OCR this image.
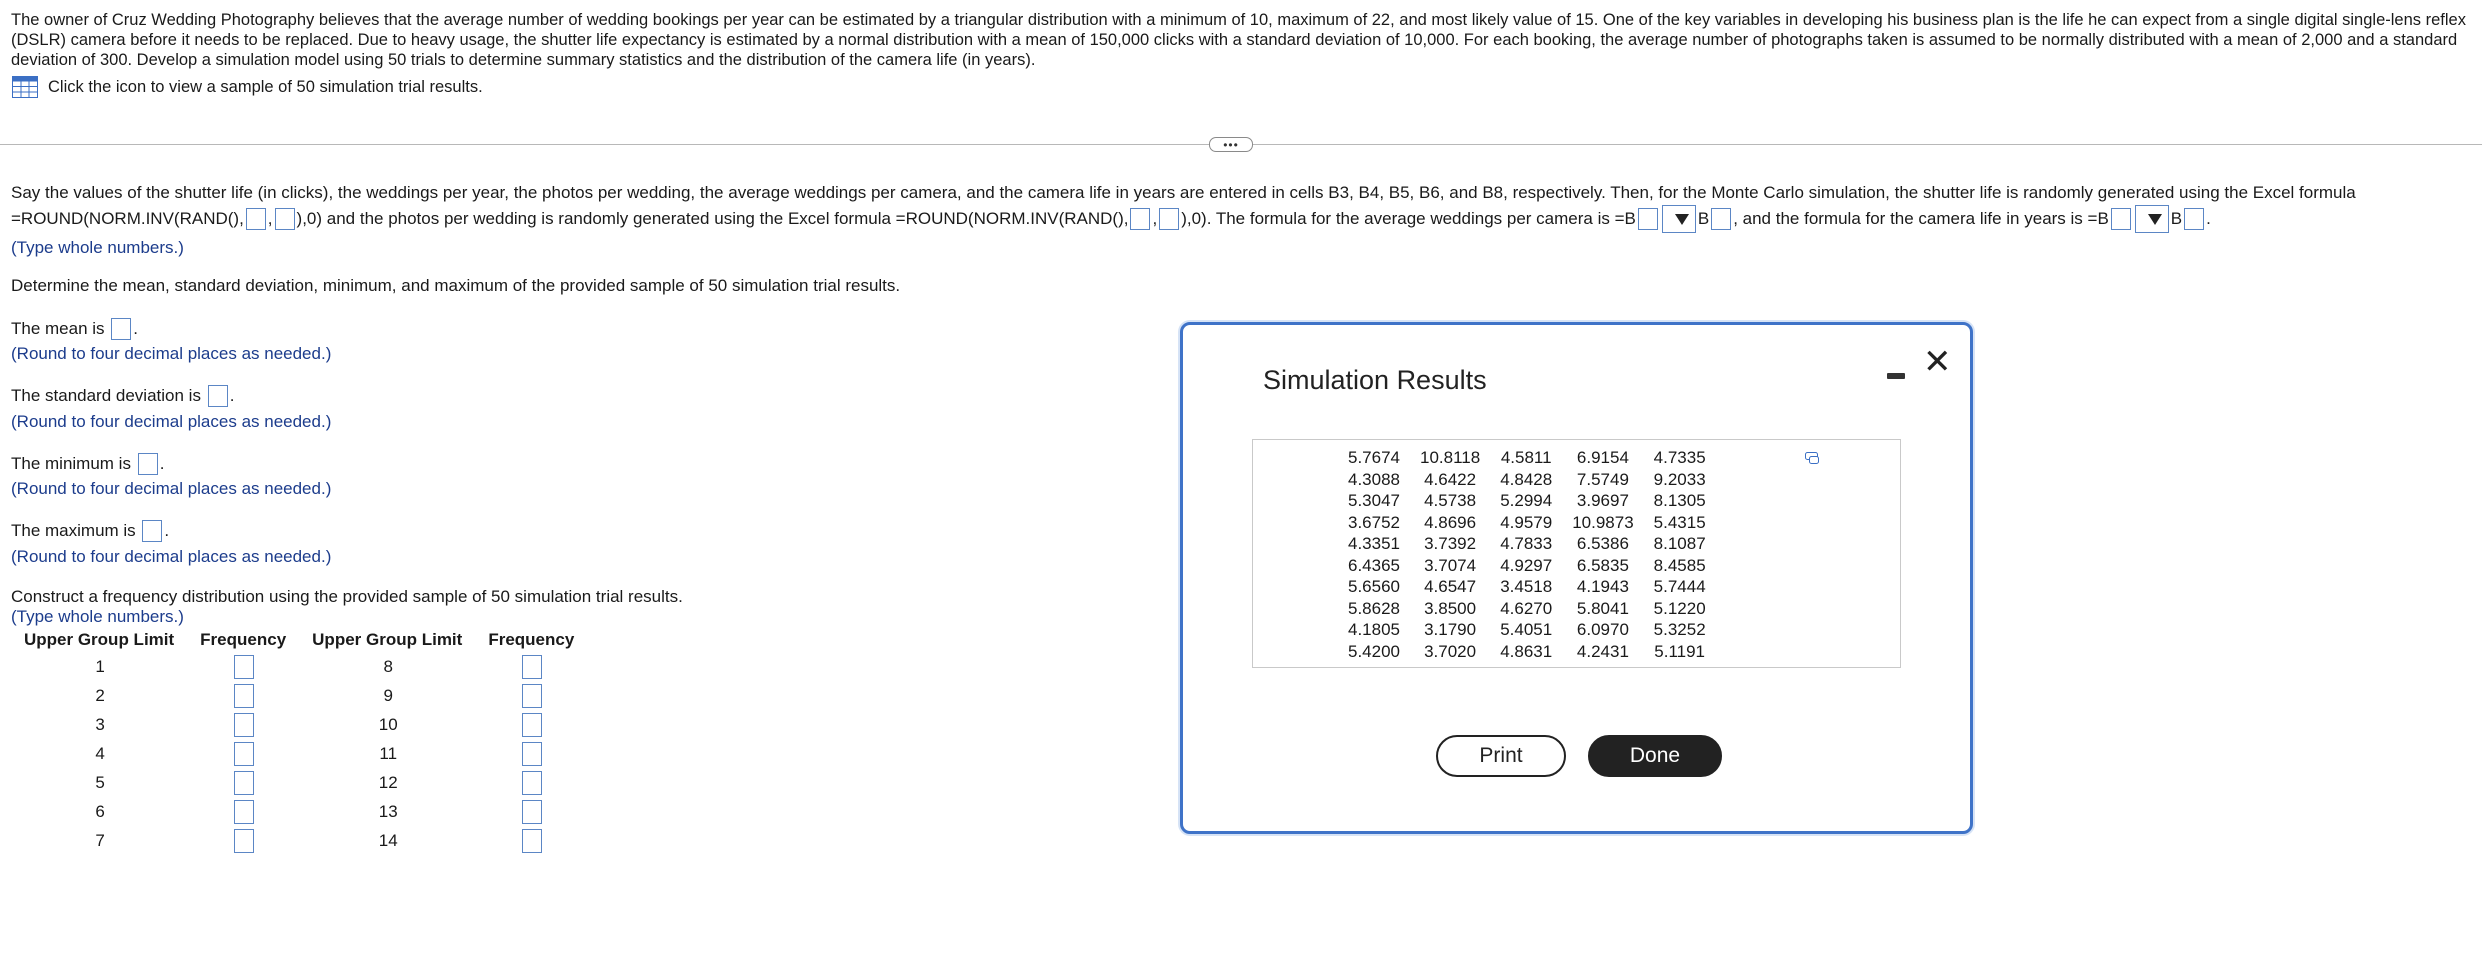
The owner of Cruz Wedding Photography believes that the average number of wedding bookings per year can be estimated by a triangular distribution with a minimum of 10, maximum of 22, and most likely value of 15. One of the key variables in developing his business plan is the life he can expect from a single digital single-lens reflex (DSLR) camera before it needs to be replaced. Due to heavy usage, the shutter life expectancy is estimated by a normal distribution with a mean of 150,000 clicks with a standard deviation of 10,000. For each booking, the average number of photographs taken is assumed to be normally distributed with a mean of 2,000 and a standard deviation of 300. Develop a simulation model using 50 trials to determine summary statistics and the distribution of the camera life (in years).
Click the icon to view a sample of 50 simulation trial results.
•••
Say the values of the shutter life (in clicks), the weddings per year, the photos per wedding, the average weddings per camera, and the camera life in years are entered in cells B3, B4, B5, B6, and B8, respectively. Then, for the Monte Carlo simulation, the shutter life is randomly generated using the Excel formula
=ROUND(NORM.INV(RAND(), , ),0) and the photos per wedding is randomly generated using the Excel formula =ROUND(NORM.INV(RAND(), , ),0). The formula for the average weddings per camera is =B	B , and the formula for the camera life in years is =B	B .
(Type whole numbers.)
Determine the mean, standard deviation, minimum, and maximum of the provided sample of 50 simulation trial results.
The mean is
.
(Round to four decimal places as needed.)
The standard deviation is
.
(Round to four decimal places as needed.)
The minimum is
.
(Round to four decimal places as needed.)
The maximum is
.
(Round to four decimal places as needed.)
Construct a frequency distribution using the provided sample of 50 simulation trial results.
(Type whole numbers.)
Upper Group Limit	Frequency	Upper Group Limit	Frequency
1		8	
2		9	
3		10	
4		11	
5		12	
6		13	
7		14	
Simulation Results	✕
5.7674	10.8118	4.5811	6.9154	4.7335
4.3088	4.6422	4.8428	7.5749	9.2033
5.3047	4.5738	5.2994	3.9697	8.1305
3.6752	4.8696	4.9579	10.9873	5.4315
4.3351	3.7392	4.7833	6.5386	8.1087
6.4365	3.7074	4.9297	6.5835	8.4585
5.6560	4.6547	3.4518	4.1943	5.7444
5.8628	3.8500	4.6270	5.8041	5.1220
4.1805	3.1790	5.4051	6.0970	5.3252
5.4200	3.7020	4.8631	4.2431	5.1191
Print	Done
